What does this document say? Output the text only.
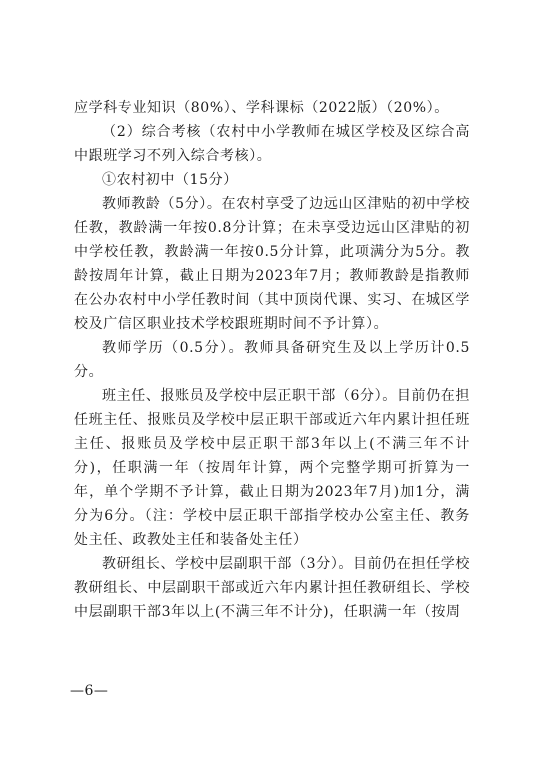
应学科专业知识（80%）、学科课标（2022版）（20%）。

（2）综合考核（农村中小学教师在城区学校及区综合高中跟班学习不列入综合考核）。

①农村初中（15分）

教师教龄（5分）。在农村享受了边远山区津贴的初中学校任教，教龄满一年按0.8分计算；在未享受边远山区津贴的初中学校任教，教龄满一年按0.5分计算，此项满分为5分。教龄按周年计算，截止日期为2023年7月；教师教龄是指教师在公办农村中小学任教时间（其中顶岗代课、实习、在城区学校及广信区职业技术学校跟班期时间不予计算）。

教师学历（0.5分）。教师具备研究生及以上学历计0.5分。

班主任、报账员及学校中层正职干部（6分）。目前仍在担任班主任、报账员及学校中层正职干部或近六年内累计担任班主任、报账员及学校中层正职干部3年以上(不满三年不计分)，任职满一年（按周年计算，两个完整学期可折算为一年，单个学期不予计算，截止日期为2023年7月)加1分，满分为6分。（注：学校中层正职干部指学校办公室主任、教务处主任、政教处主任和装备处主任）

教研组长、学校中层副职干部（3分）。目前仍在担任学校教研组长、中层副职干部或近六年内累计担任教研组长、学校中层副职干部3年以上(不满三年不计分)，任职满一年（按周

—6—
